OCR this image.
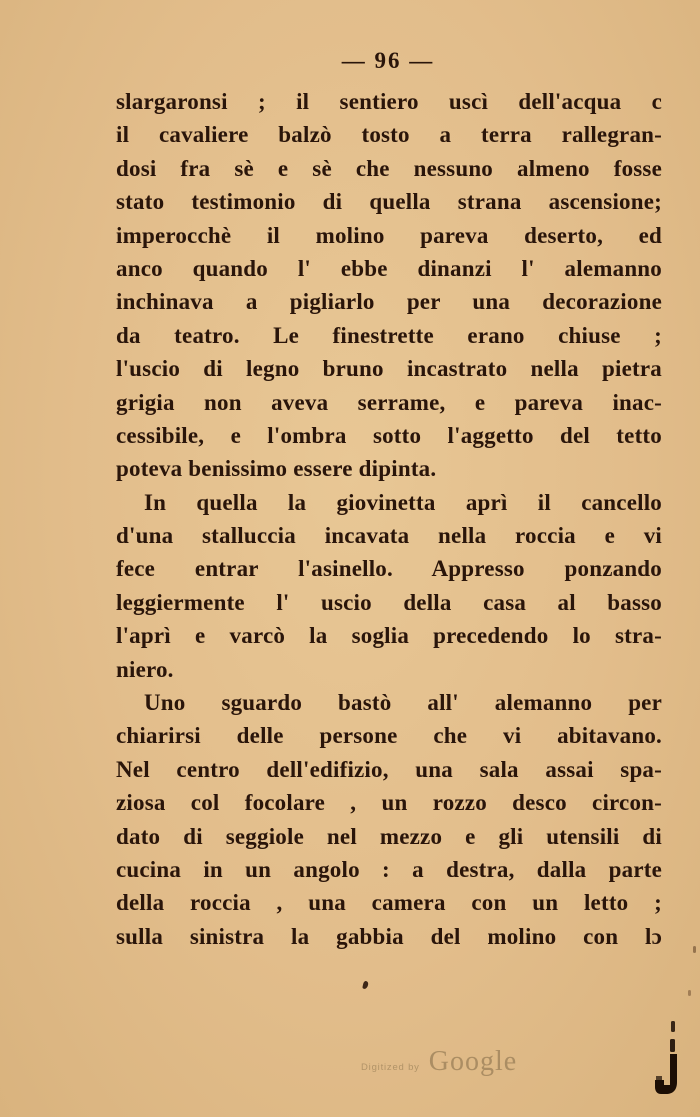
— 96 —
slargaronsi ; il sentiero uscì dell'acqua c
il cavaliere balzò tosto a terra rallegran-
dosi fra sè e sè che nessuno almeno fosse
stato testimonio di quella strana ascensione;
imperocchè il molino pareva deserto, ed
anco quando l' ebbe dinanzi l' alemanno
inchinava a pigliarlo per una decorazione
da teatro. Le finestrette erano chiuse ;
l'uscio di legno bruno incastrato nella pietra
grigia non aveva serrame, e pareva inac-
cessibile, e l'ombra sotto l'aggetto del tetto
poteva benissimo essere dipinta.
In quella la giovinetta aprì il cancello
d'una stalluccia incavata nella roccia e vi
fece entrar l'asinello. Appresso ponzando
leggiermente l' uscio della casa al basso
l'aprì e varcò la soglia precedendo lo stra-
niero.
Uno sguardo bastò all' alemanno per
chiarirsi delle persone che vi abitavano.
Nel centro dell'edifizio, una sala assai spa-
ziosa col focolare , un rozzo desco circon-
dato di seggiole nel mezzo e gli utensili di
cucina in un angolo : a destra, dalla parte
della roccia , una camera con un letto ;
sulla sinistra la gabbia del molino con lɔ
Digitized by Google
